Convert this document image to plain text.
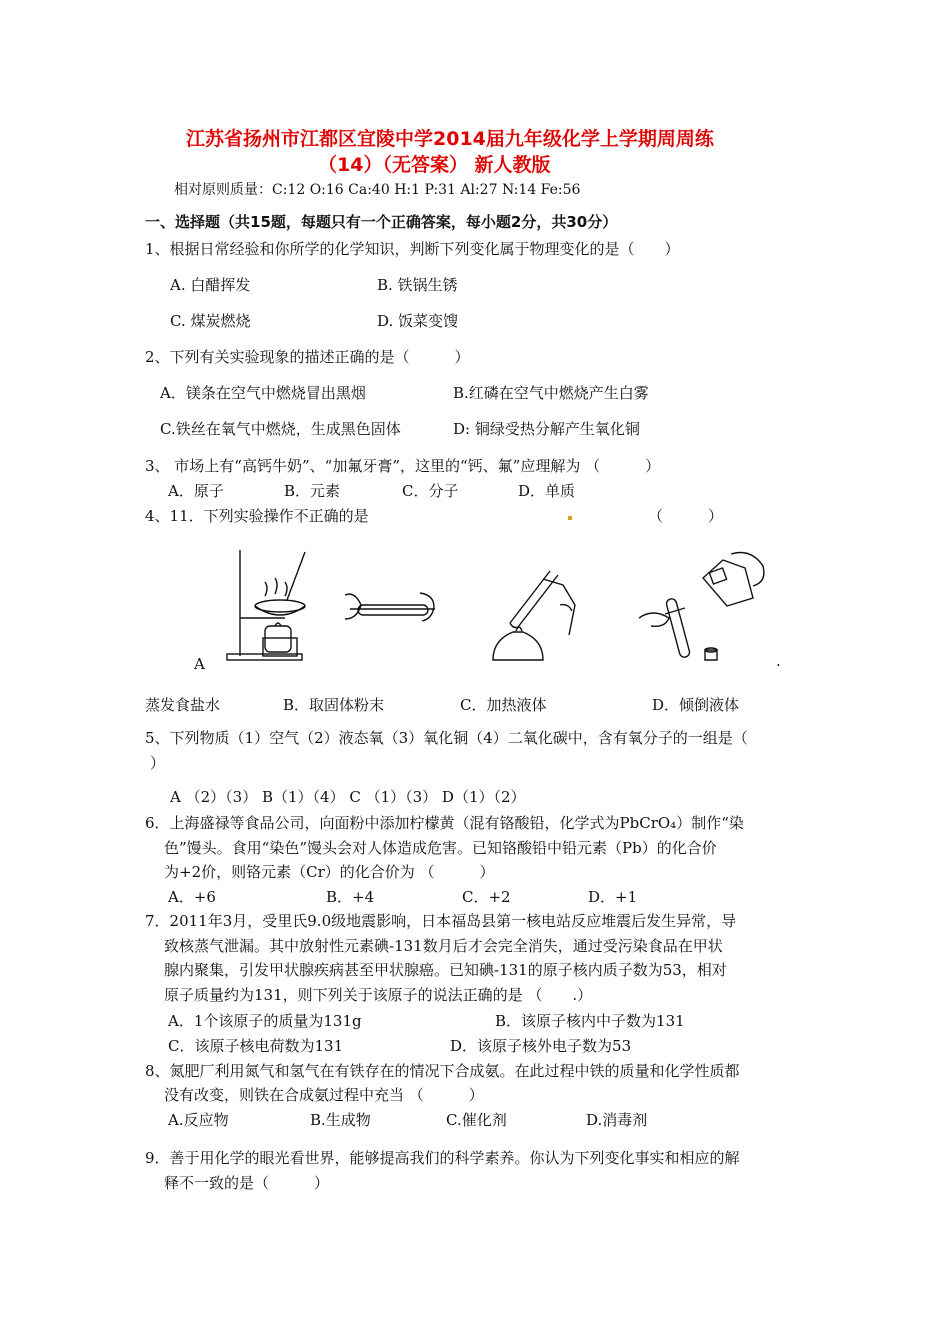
江苏省扬州市江都区宜陵中学2014届九年级化学上学期周周练
（14）（无答案） 新人教版
相对原则质量：C:12 O:16 Ca:40 H:1 P:31 Al:27 N:14 Fe:56
一、选择题（共15题，每题只有一个正确答案，每小题2分，共30分）
1、根据日常经验和你所学的化学知识，判断下列变化属于物理变化的是（　　）
A. 白醋挥发	B. 铁锅生锈
C. 煤炭燃烧	D. 饭菜变馊
2、下列有关实验现象的描述正确的是（　　　）
A．镁条在空气中燃烧冒出黑烟	B.红磷在空气中燃烧产生白雾
C.铁丝在氧气中燃烧，生成黑色固体	D: 铜绿受热分解产生氧化铜
3、 市场上有“高钙牛奶”、“加氟牙膏”，这里的“钙、氟”应理解为 （　　　）
A．原子	B．元素	C．分子	D．单质
4、11．下列实验操作不正确的是	（　　　）
A	.
蒸发食盐水	B．取固体粉末	C．加热液体	D．倾倒液体
5、下列物质（1）空气（2）液态氧（3）氧化铜（4）二氧化碳中，含有氧分子的一组是（
）
A （2）（3） B（1）（4） C （1）（3） D（1）（2）
6．上海盛禄等食品公司，向面粉中添加柠檬黄（混有铬酸铅，化学式为PbCrO₄）制作“染
色”馒头。食用“染色”馒头会对人体造成危害。已知铬酸铅中铅元素（Pb）的化合价
为+2价，则铬元素（Cr）的化合价为 （　　　）
A．+6	B．+4	C．+2	D．+1
7．2011年3月，受里氏9.0级地震影响，日本福岛县第一核电站反应堆震后发生异常，导
致核蒸气泄漏。其中放射性元素碘-131数月后才会完全消失，通过受污染食品在甲状
腺内聚集，引发甲状腺疾病甚至甲状腺癌。已知碘-131的原子核内质子数为53，相对
原子质量约为131，则下列关于该原子的说法正确的是 （　　.）
A．1个该原子的质量为131g	B．该原子核内中子数为131
C．该原子核电荷数为131	D．该原子核外电子数为53
8、氮肥厂利用氮气和氢气在有铁存在的情况下合成氨。在此过程中铁的质量和化学性质都
没有改变，则铁在合成氨过程中充当 （　　　）
A.反应物	B.生成物	C.催化剂	D.消毒剂
9．善于用化学的眼光看世界，能够提高我们的科学素养。你认为下列变化事实和相应的解
释不一致的是（　　　）
